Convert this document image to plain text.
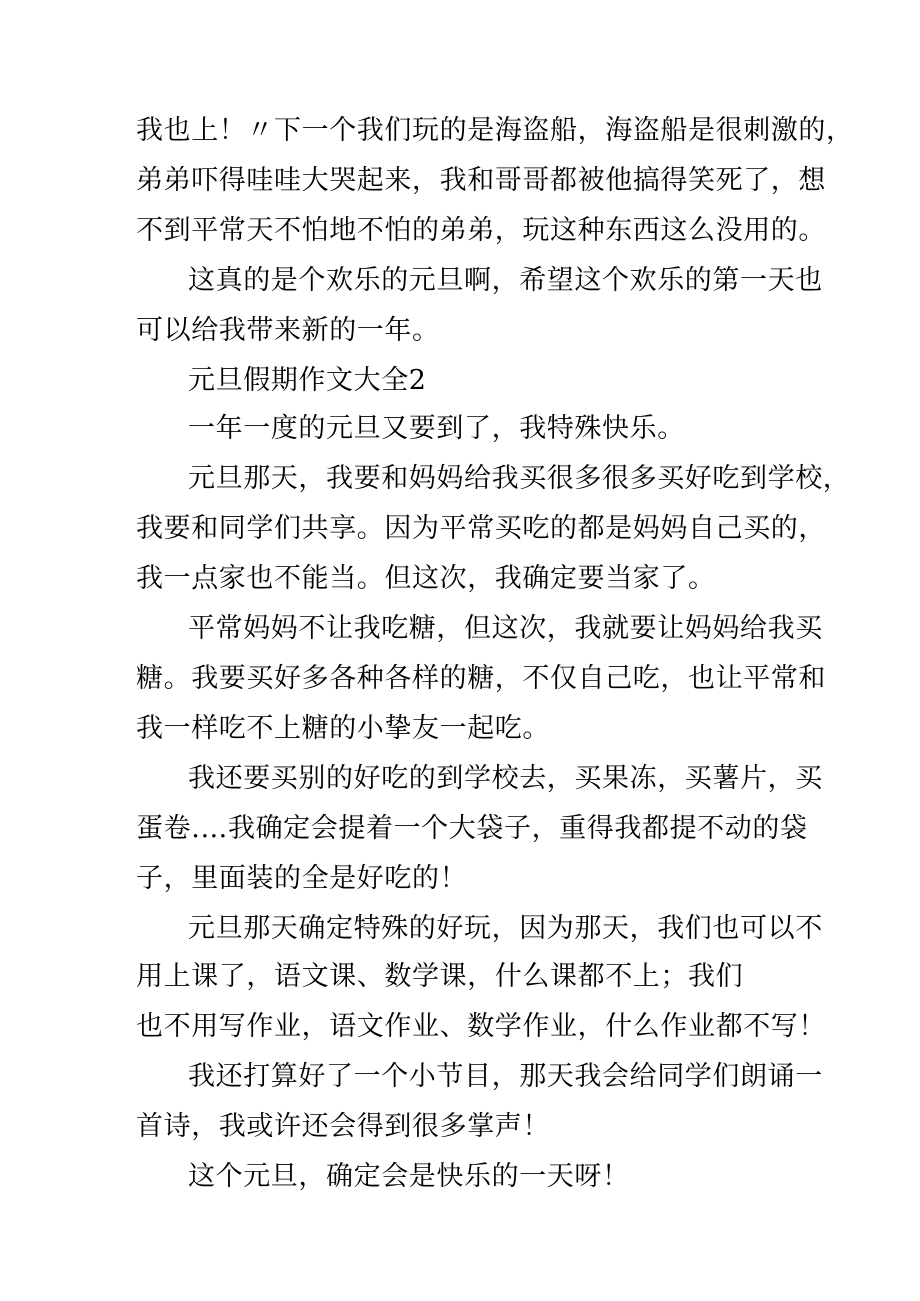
我也上！〃下一个我们玩的是海盗船，海盗船是很刺激的，
弟弟吓得哇哇大哭起来，我和哥哥都被他搞得笑死了，想
不到平常天不怕地不怕的弟弟，玩这种东西这么没用的。
这真的是个欢乐的元旦啊，希望这个欢乐的第一天也
可以给我带来新的一年。
元旦假期作文大全2
一年一度的元旦又要到了，我特殊快乐。
元旦那天，我要和妈妈给我买很多很多买好吃到学校，
我要和同学们共享。因为平常买吃的都是妈妈自己买的，
我一点家也不能当。但这次，我确定要当家了。
平常妈妈不让我吃糖，但这次，我就要让妈妈给我买
糖。我要买好多各种各样的糖，不仅自己吃，也让平常和
我一样吃不上糖的小挚友一起吃。
我还要买别的好吃的到学校去，买果冻，买薯片，买
蛋卷.…我确定会提着一个大袋子，重得我都提不动的袋
子，里面装的全是好吃的！
元旦那天确定特殊的好玩，因为那天，我们也可以不
用上课了，语文课、数学课，什么课都不上；我们
也不用写作业，语文作业、数学作业，什么作业都不写！
我还打算好了一个小节目，那天我会给同学们朗诵一
首诗，我或许还会得到很多掌声！
这个元旦，确定会是快乐的一天呀！
